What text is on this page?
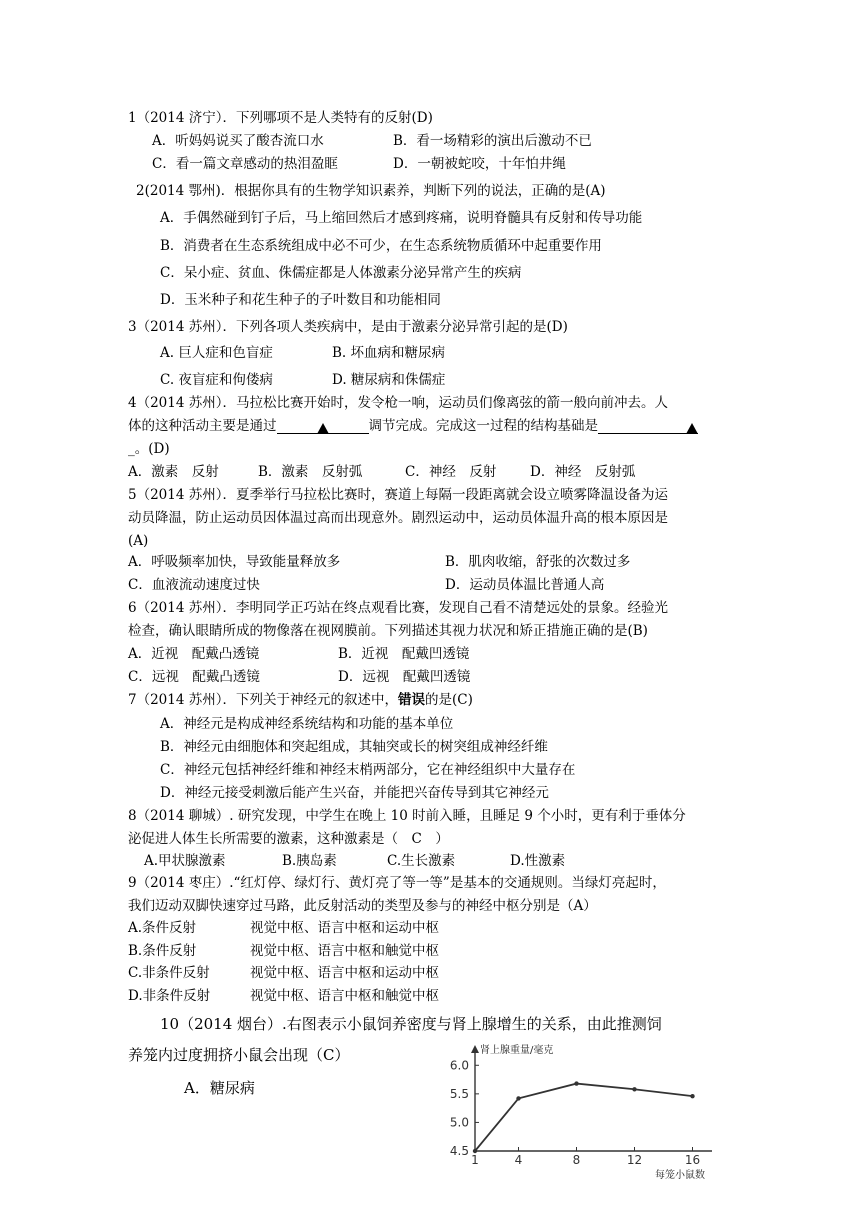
1（2014 济宁）．下列哪项不是人类特有的反射(D)
A．听妈妈说买了酸杏流口水	B．看一场精彩的演出后激动不已
C．看一篇文章感动的热泪盈眶	D．一朝被蛇咬，十年怕井绳
2(2014 鄂州)．根据你具有的生物学知识素养，判断下列的说法，正确的是(A)
A．手偶然碰到钉子后，马上缩回然后才感到疼痛，说明脊髓具有反射和传导功能
B．消费者在生态系统组成中必不可少，在生态系统物质循环中起重要作用
C．呆小症、贫血、侏儒症都是人体激素分泌异常产生的疾病
D．玉米种子和花生种子的子叶数目和功能相同
3（2014 苏州）．下列各项人类疾病中，是由于激素分泌异常引起的是(D)
A. 巨人症和色盲症	B. 坏血病和糖尿病
C. 夜盲症和佝偻病	D. 糖尿病和侏儒症
4（2014 苏州）．马拉松比赛开始时，发令枪一响，运动员们像离弦的箭一般向前冲去。人
体的这种活动主要是通过	调节完成。完成这一过程的结构基础是
_。(D)
A．激素　反射	B．激素　反射弧	C．神经　反射 D．神经　反射弧
5（2014 苏州）．夏季举行马拉松比赛时，赛道上每隔一段距离就会设立喷雾降温设备为运
动员降温，防止运动员因体温过高而出现意外。剧烈运动中，运动员体温升高的根本原因是
(A)
A．呼吸频率加快，导致能量释放多	B．肌肉收缩，舒张的次数过多
C．血液流动速度过快	D．运动员体温比普通人高
6（2014 苏州）．李明同学正巧站在终点观看比赛，发现自己看不清楚远处的景象。经验光
检查，确认眼睛所成的物像落在视网膜前。下列描述其视力状况和矫正措施正确的是(B)
A．近视　配戴凸透镜	B．近视　配戴凹透镜
C．远视　配戴凸透镜	D．远视　配戴凹透镜
7（2014 苏州）．下列关于神经元的叙述中，错误的是(C)
A．神经元是构成神经系统结构和功能的基本单位
B．神经元由细胞体和突起组成，其轴突或长的树突组成神经纤维
C．神经元包括神经纤维和神经末梢两部分，它在神经组织中大量存在
D．神经元接受刺激后能产生兴奋，并能把兴奋传导到其它神经元
8（2014 聊城）. 研究发现，中学生在晚上 10 时前入睡，且睡足 9 个小时，更有利于垂体分
泌促进人体生长所需要的激素，这种激素是（　C　）
A.甲状腺激素	B.胰岛素	C.生长激素	D.性激素
9（2014 枣庄）.“红灯停、绿灯行、黄灯亮了等一等”是基本的交通规则。当绿灯亮起时，
我们迈动双脚快速穿过马路，此反射活动的类型及参与的神经中枢分别是（A）
A.条件反射	视觉中枢、语言中枢和运动中枢
B.条件反射	视觉中枢、语言中枢和触觉中枢
C.非条件反射	视觉中枢、语言中枢和运动中枢
D.非条件反射	视觉中枢、语言中枢和触觉中枢
10（2014 烟台）.右图表示小鼠饲养密度与肾上腺增生的关系，由此推测饲
养笼内过度拥挤小鼠会出现（C）
A．糖尿病
4.5
5.0
5.5
6.0
1	4	8	12	16
肾上腺重量/毫克
每笼小鼠数
